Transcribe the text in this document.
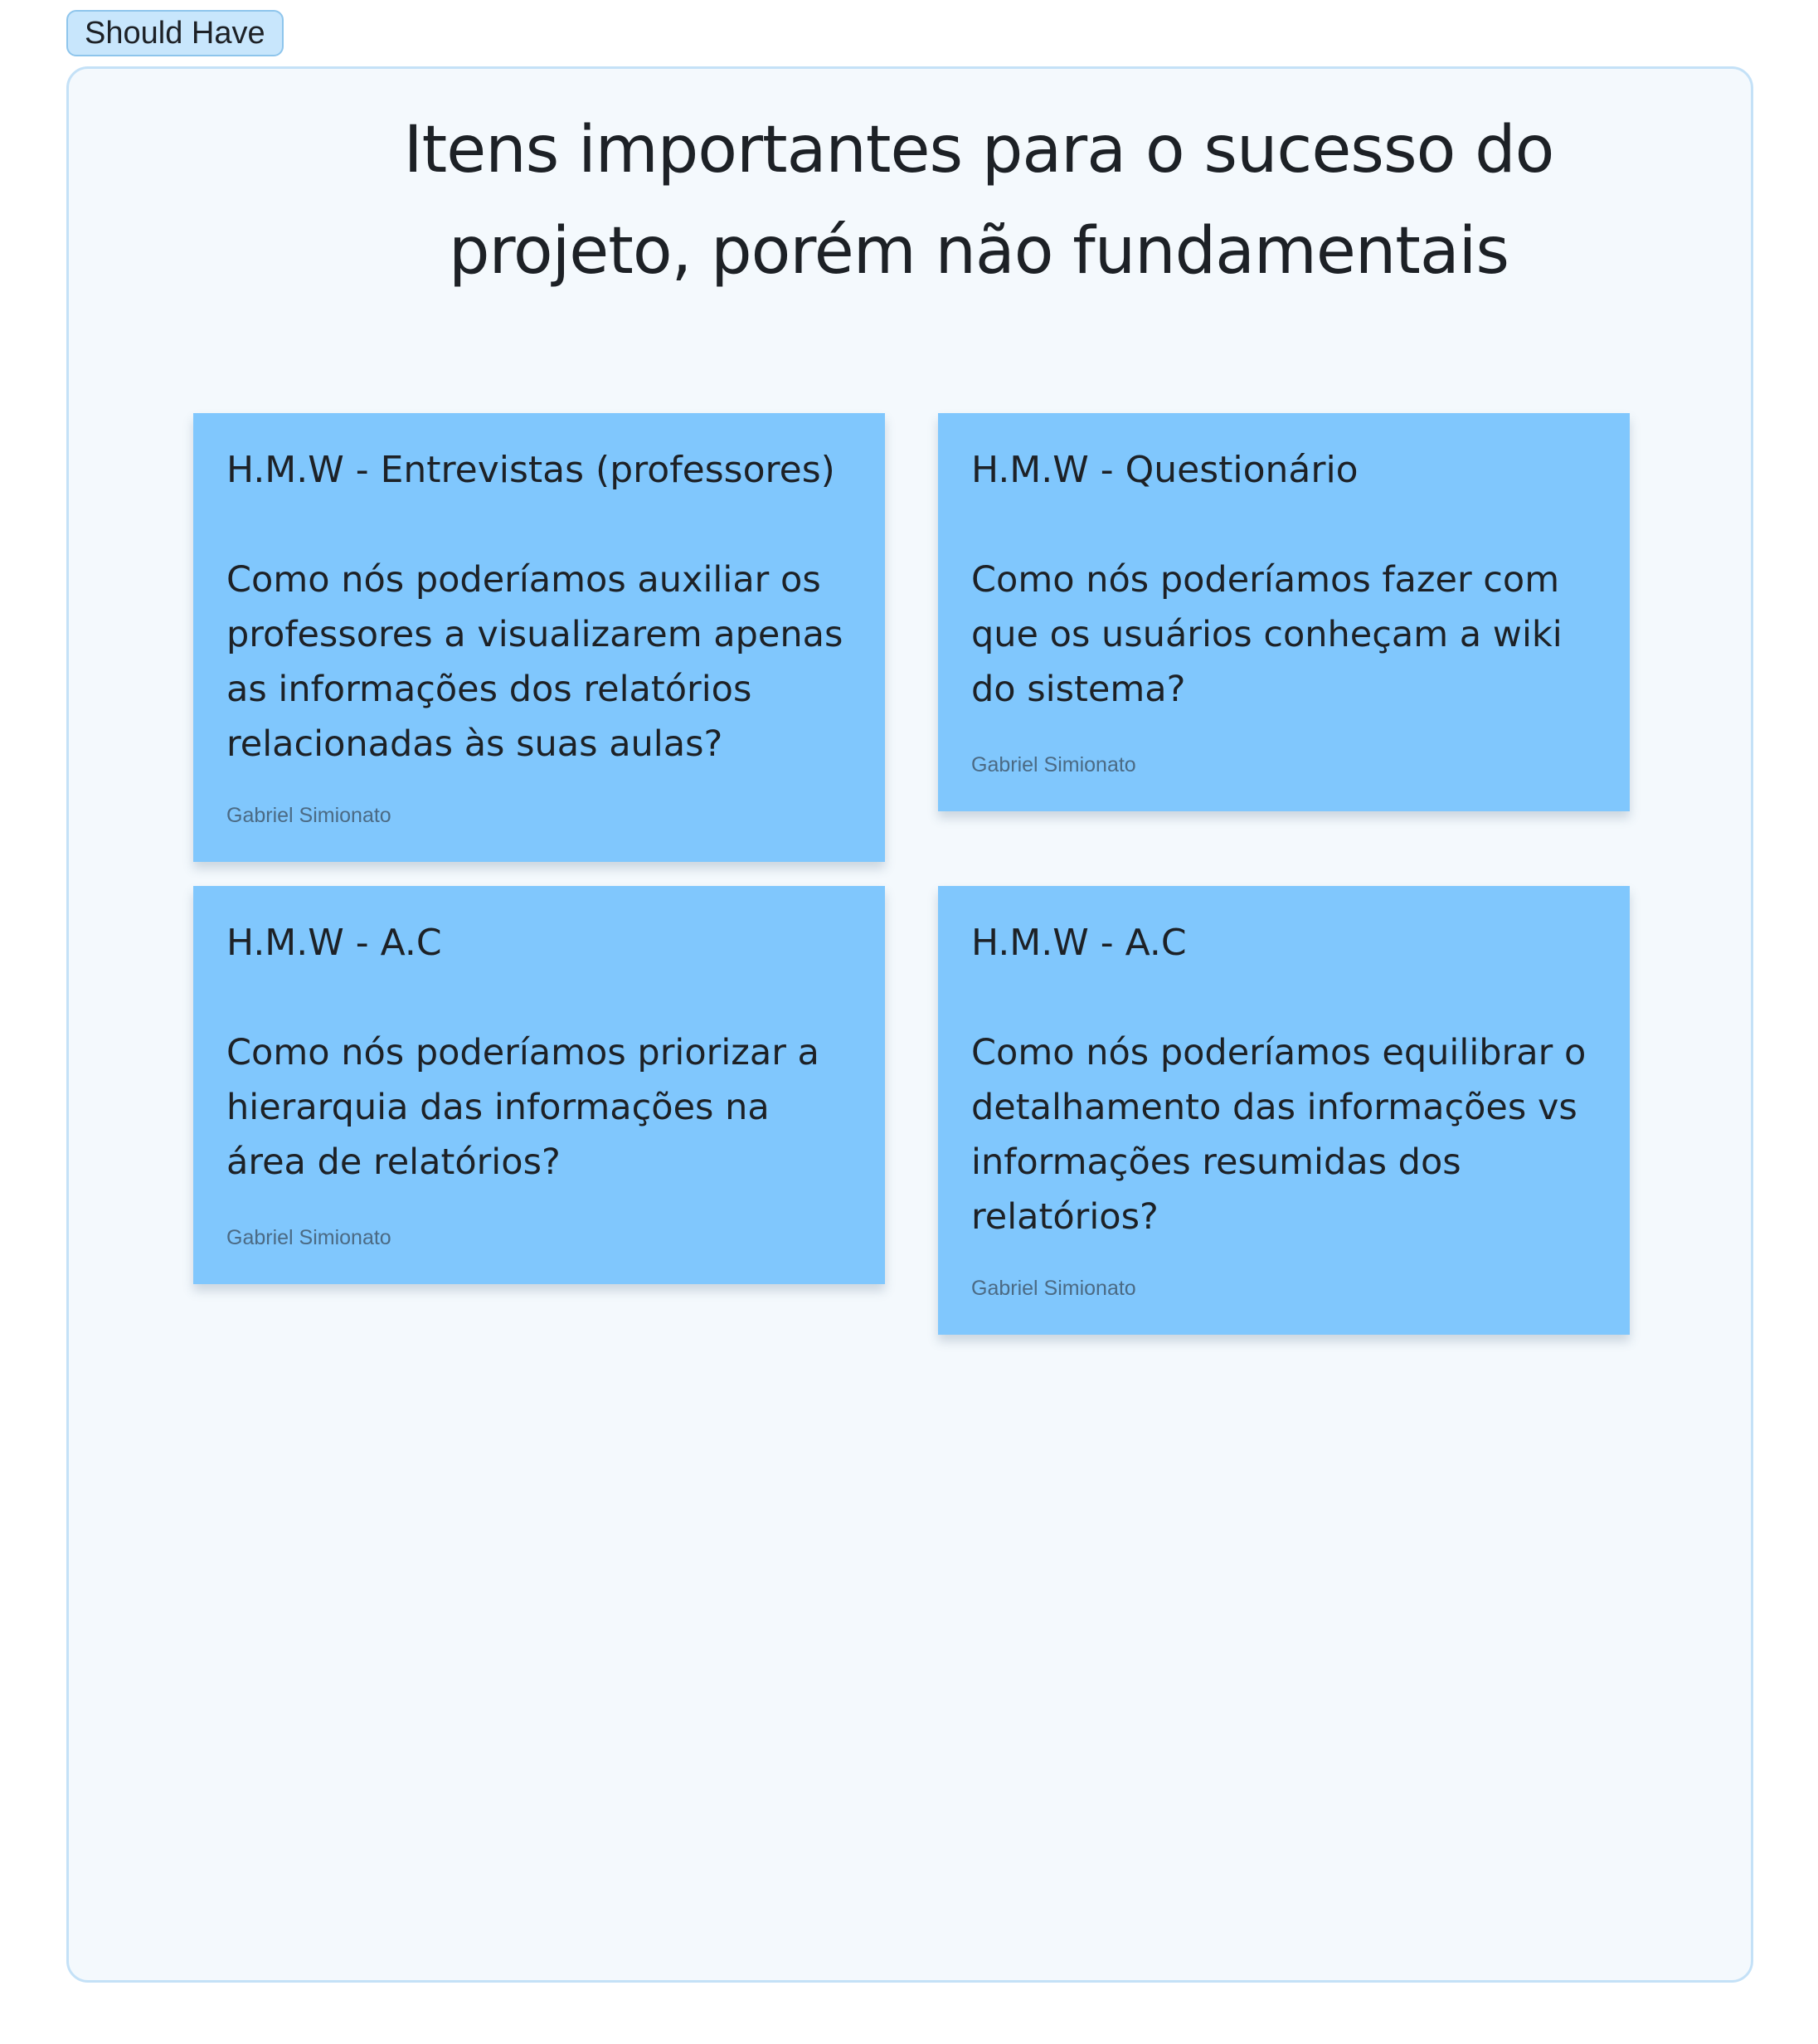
Should Have
Itens importantes para o sucesso do projeto, porém não fundamentais
H.M.W - Entrevistas (professores)
Como nós poderíamos auxiliar os professores a visualizarem apenas as informações dos relatórios relacionadas às suas aulas?
Gabriel Simionato
H.M.W - Questionário
Como nós poderíamos fazer com que os usuários conheçam a wiki do sistema?
Gabriel Simionato
H.M.W - A.C
Como nós poderíamos priorizar a hierarquia das informações na área de relatórios?
Gabriel Simionato
H.M.W - A.C
Como nós poderíamos equilibrar o detalhamento das informações vs informações resumidas dos relatórios?
Gabriel Simionato
